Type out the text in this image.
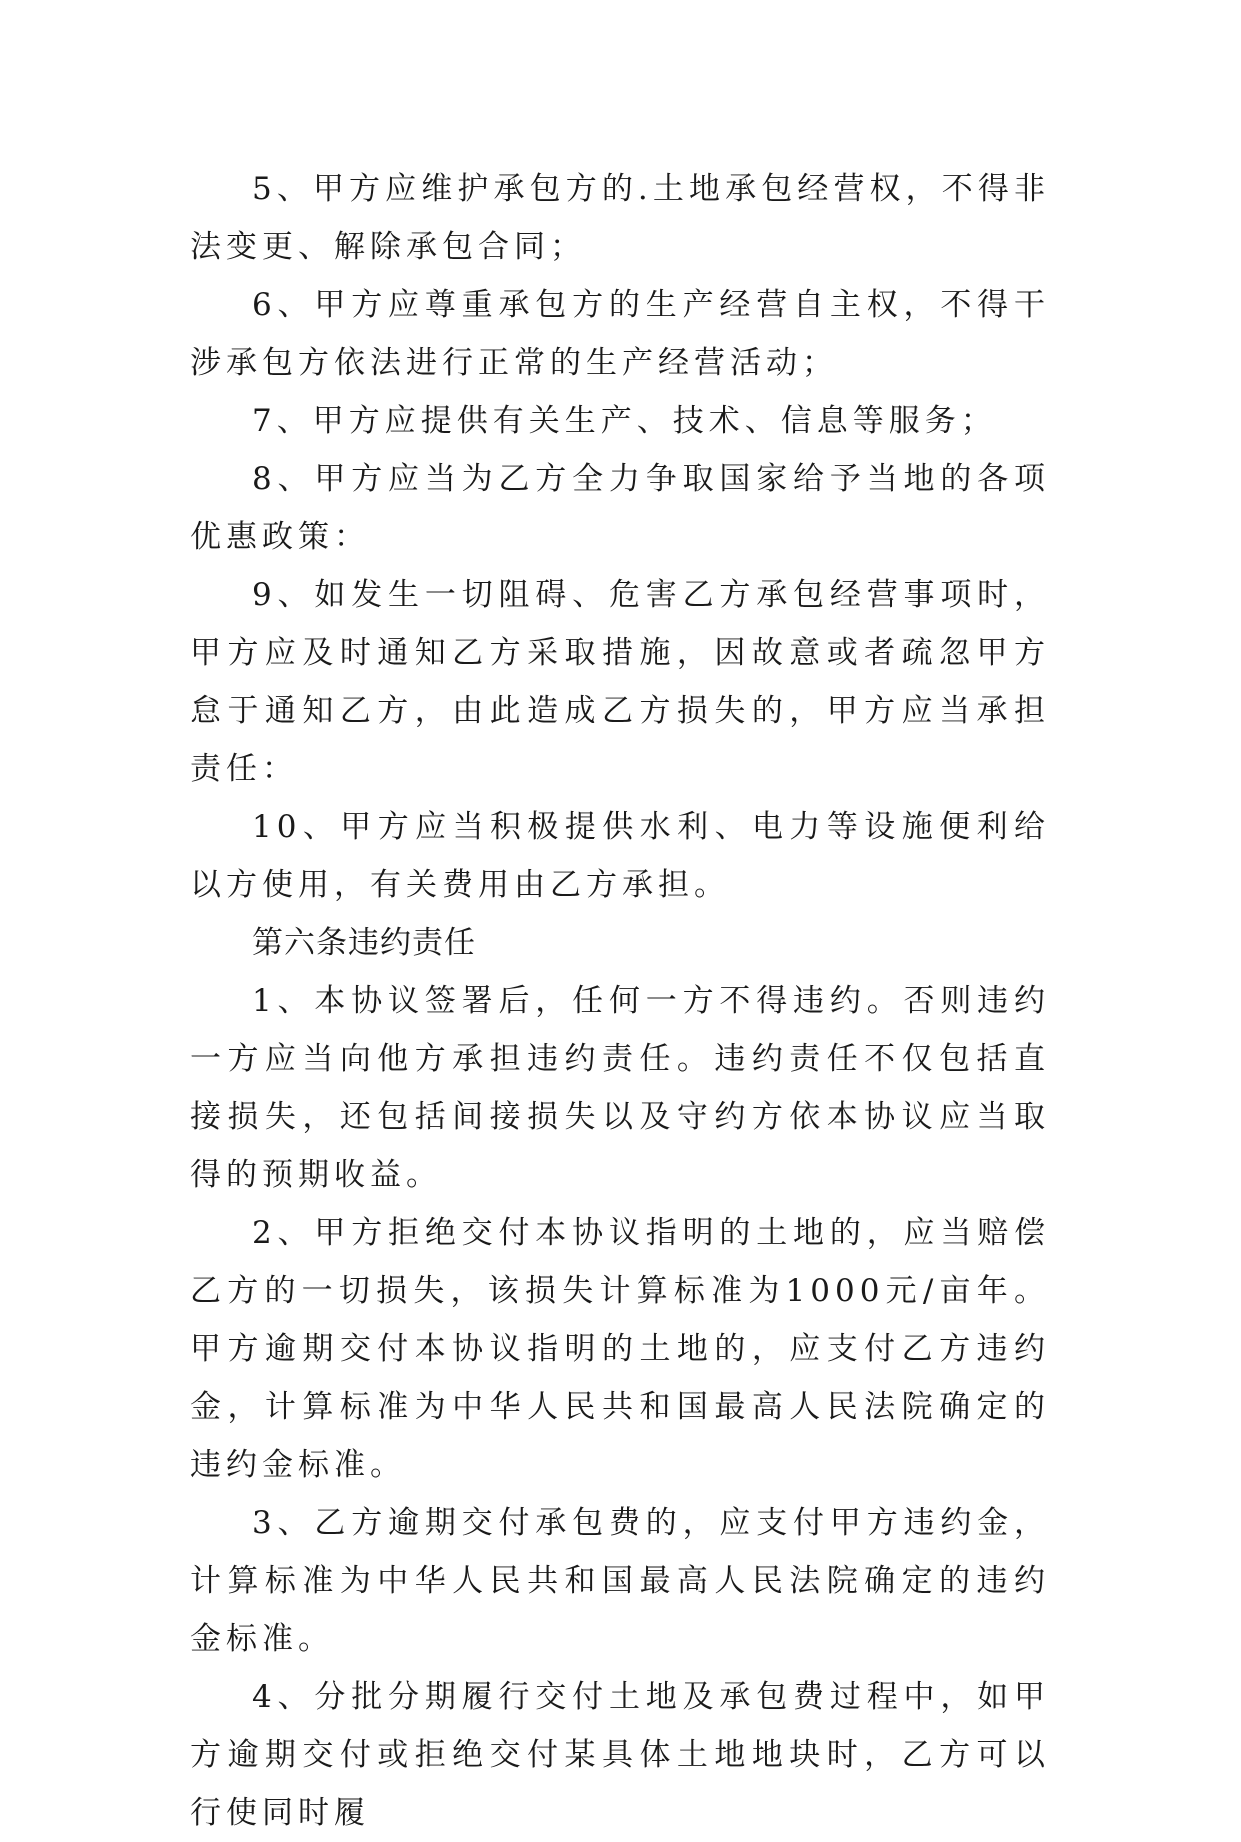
5、甲方应维护承包方的.土地承包经营权，不得非法变更、解除承包合同；

6、甲方应尊重承包方的生产经营自主权，不得干涉承包方依法进行正常的生产经营活动；

7、甲方应提供有关生产、技术、信息等服务；

8、甲方应当为乙方全力争取国家给予当地的各项优惠政策：

9、如发生一切阻碍、危害乙方承包经营事项时，甲方应及时通知乙方采取措施，因故意或者疏忽甲方怠于通知乙方，由此造成乙方损失的，甲方应当承担责任：

10、甲方应当积极提供水利、电力等设施便利给以方使用，有关费用由乙方承担。

第六条违约责任

1、本协议签署后，任何一方不得违约。否则违约一方应当向他方承担违约责任。违约责任不仅包括直接损失，还包括间接损失以及守约方依本协议应当取得的预期收益。

2、甲方拒绝交付本协议指明的土地的，应当赔偿乙方的一切损失，该损失计算标准为1000元/亩年。甲方逾期交付本协议指明的土地的，应支付乙方违约金，计算标准为中华人民共和国最高人民法院确定的违约金标准。

3、乙方逾期交付承包费的，应支付甲方违约金，计算标准为中华人民共和国最高人民法院确定的违约金标准。

4、分批分期履行交付土地及承包费过程中，如甲方逾期交付或拒绝交付某具体土地地块时，乙方可以行使同时履
